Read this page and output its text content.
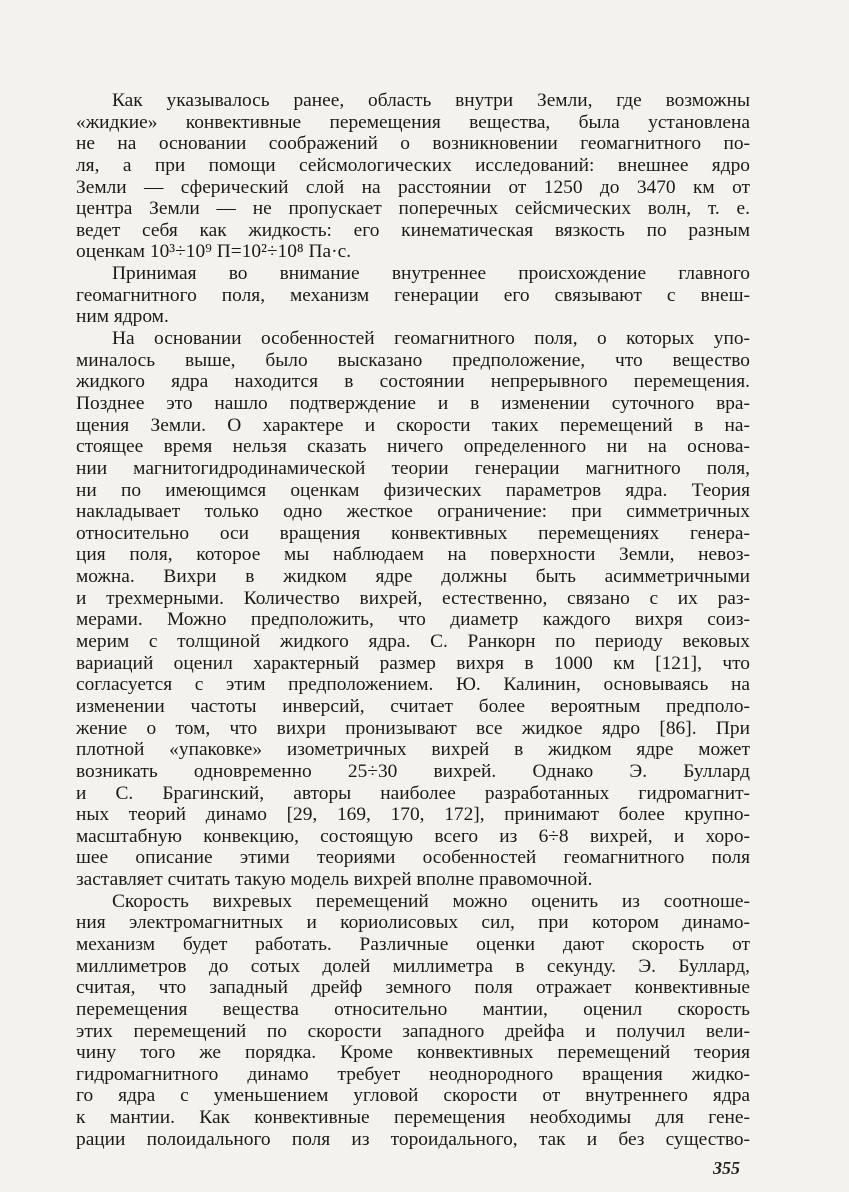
Как указывалось ранее, область внутри Земли, где возможны
«жидкие» конвективные перемещения вещества, была установлена
не на основании соображений о возникновении геомагнитного по-
ля, а при помощи сейсмологических исследований: внешнее ядро
Земли — сферический слой на расстоянии от 1250 до 3470 км от
центра Земли — не пропускает поперечных сейсмических волн, т. е.
ведет себя как жидкость: его кинематическая вязкость по разным
оценкам 10³÷10⁹ П=10²÷10⁸ Па·с.

Принимая во внимание внутреннее происхождение главного
геомагнитного поля, механизм генерации его связывают с внеш-
ним ядром.

На основании особенностей геомагнитного поля, о которых упо-
миналось выше, было высказано предположение, что вещество
жидкого ядра находится в состоянии непрерывного перемещения.
Позднее это нашло подтверждение и в изменении суточного вра-
щения Земли. О характере и скорости таких перемещений в на-
стоящее время нельзя сказать ничего определенного ни на основа-
нии магнитогидродинамической теории генерации магнитного поля,
ни по имеющимся оценкам физических параметров ядра. Теория
накладывает только одно жесткое ограничение: при симметричных
относительно оси вращения конвективных перемещениях генера-
ция поля, которое мы наблюдаем на поверхности Земли, невоз-
можна. Вихри в жидком ядре должны быть асимметричными
и трехмерными. Количество вихрей, естественно, связано с их раз-
мерами. Можно предположить, что диаметр каждого вихря соиз-
мерим с толщиной жидкого ядра. С. Ранкорн по периоду вековых
вариаций оценил характерный размер вихря в 1000 км [121], что
согласуется с этим предположением. Ю. Калинин, основываясь на
изменении частоты инверсий, считает более вероятным предполо-
жение о том, что вихри пронизывают все жидкое ядро [86]. При
плотной «упаковке» изометричных вихрей в жидком ядре может
возникать одновременно 25÷30 вихрей. Однако Э. Буллард
и С. Брагинский, авторы наиболее разработанных гидромагнит-
ных теорий динамо [29, 169, 170, 172], принимают более крупно-
масштабную конвекцию, состоящую всего из 6÷8 вихрей, и хоро-
шее описание этими теориями особенностей геомагнитного поля
заставляет считать такую модель вихрей вполне правомочной.

Скорость вихревых перемещений можно оценить из соотноше-
ния электромагнитных и кориолисовых сил, при котором динамо-
механизм будет работать. Различные оценки дают скорость от
миллиметров до сотых долей миллиметра в секунду. Э. Буллард,
считая, что западный дрейф земного поля отражает конвективные
перемещения вещества относительно мантии, оценил скорость
этих перемещений по скорости западного дрейфа и получил вели-
чину того же порядка. Кроме конвективных перемещений теория
гидромагнитного динамо требует неоднородного вращения жидко-
го ядра с уменьшением угловой скорости от внутреннего ядра
к мантии. Как конвективные перемещения необходимы для гене-
рации полоидального поля из тороидального, так и без существо-

355
